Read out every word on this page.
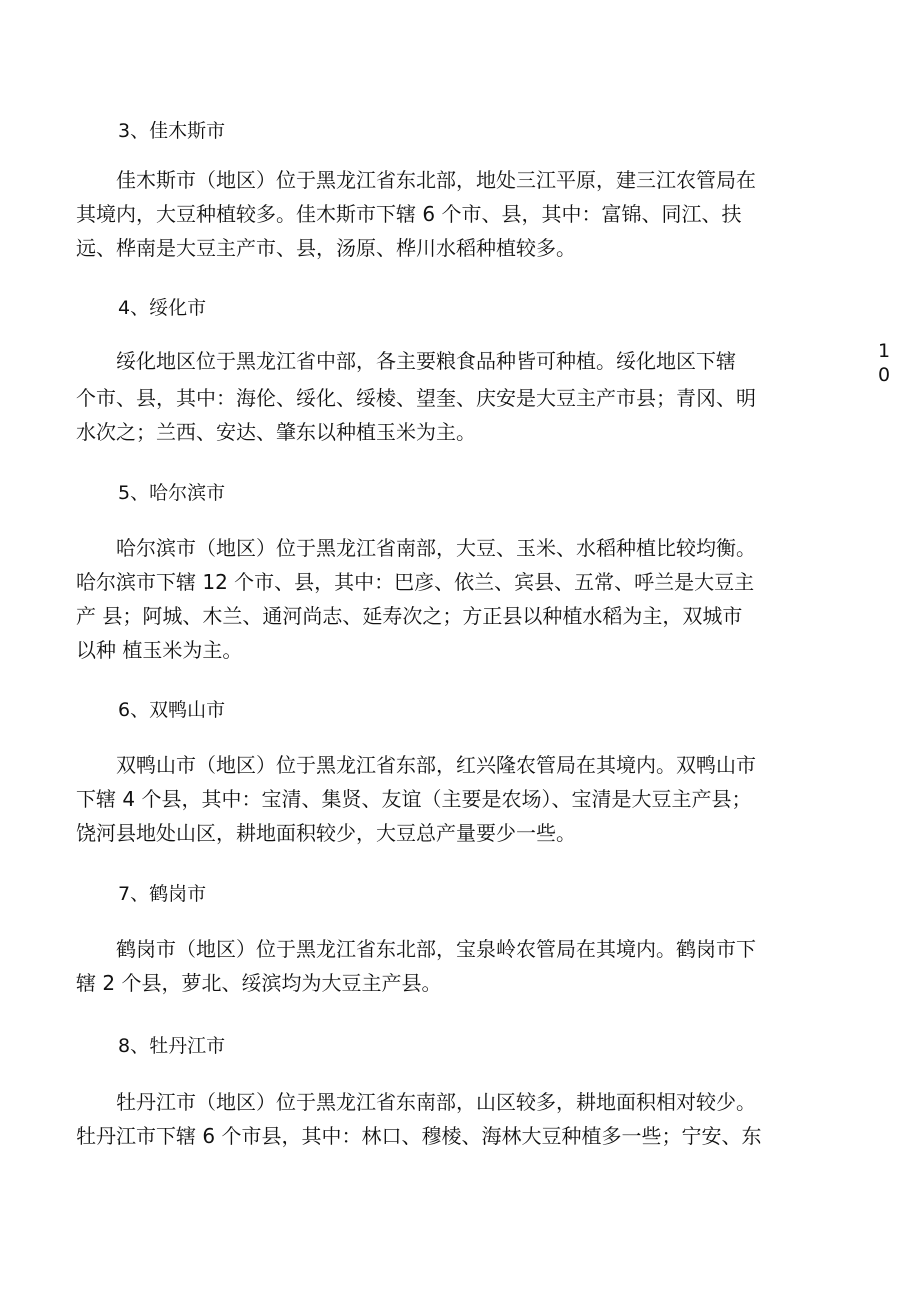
3、佳木斯市
　　佳木斯市（地区）位于黑龙江省东北部，地处三江平原，建三江农管局在
其境内，大豆种植较多。佳木斯市下辖 6 个市、县，其中：富锦、同江、扶
远、桦南是大豆主产市、县，汤原、桦川水稻种植较多。
4、绥化市
　　绥化地区位于黑龙江省中部，各主要粮食品种皆可种植。绥化地区下辖
个市、县，其中：海伦、绥化、绥棱、望奎、庆安是大豆主产市县；青冈、明
水次之；兰西、安达、肇东以种植玉米为主。
1
0
5、哈尔滨市
　　哈尔滨市（地区）位于黑龙江省南部，大豆、玉米、水稻种植比较均衡。
哈尔滨市下辖 12 个市、县，其中：巴彦、依兰、宾县、五常、呼兰是大豆主
产 县；阿城、木兰、通河尚志、延寿次之；方正县以种植水稻为主，双城市
以种 植玉米为主。
6、双鸭山市
　　双鸭山市（地区）位于黑龙江省东部，红兴隆农管局在其境内。双鸭山市
下辖 4 个县，其中：宝清、集贤、友谊（主要是农场）、宝清是大豆主产县；
饶河县地处山区，耕地面积较少，大豆总产量要少一些。
7、鹤岗市
　　鹤岗市（地区）位于黑龙江省东北部，宝泉岭农管局在其境内。鹤岗市下
辖 2 个县，萝北、绥滨均为大豆主产县。
8、牡丹江市
　　牡丹江市（地区）位于黑龙江省东南部，山区较多，耕地面积相对较少。
牡丹江市下辖 6 个市县，其中：林口、穆棱、海林大豆种植多一些；宁安、东
